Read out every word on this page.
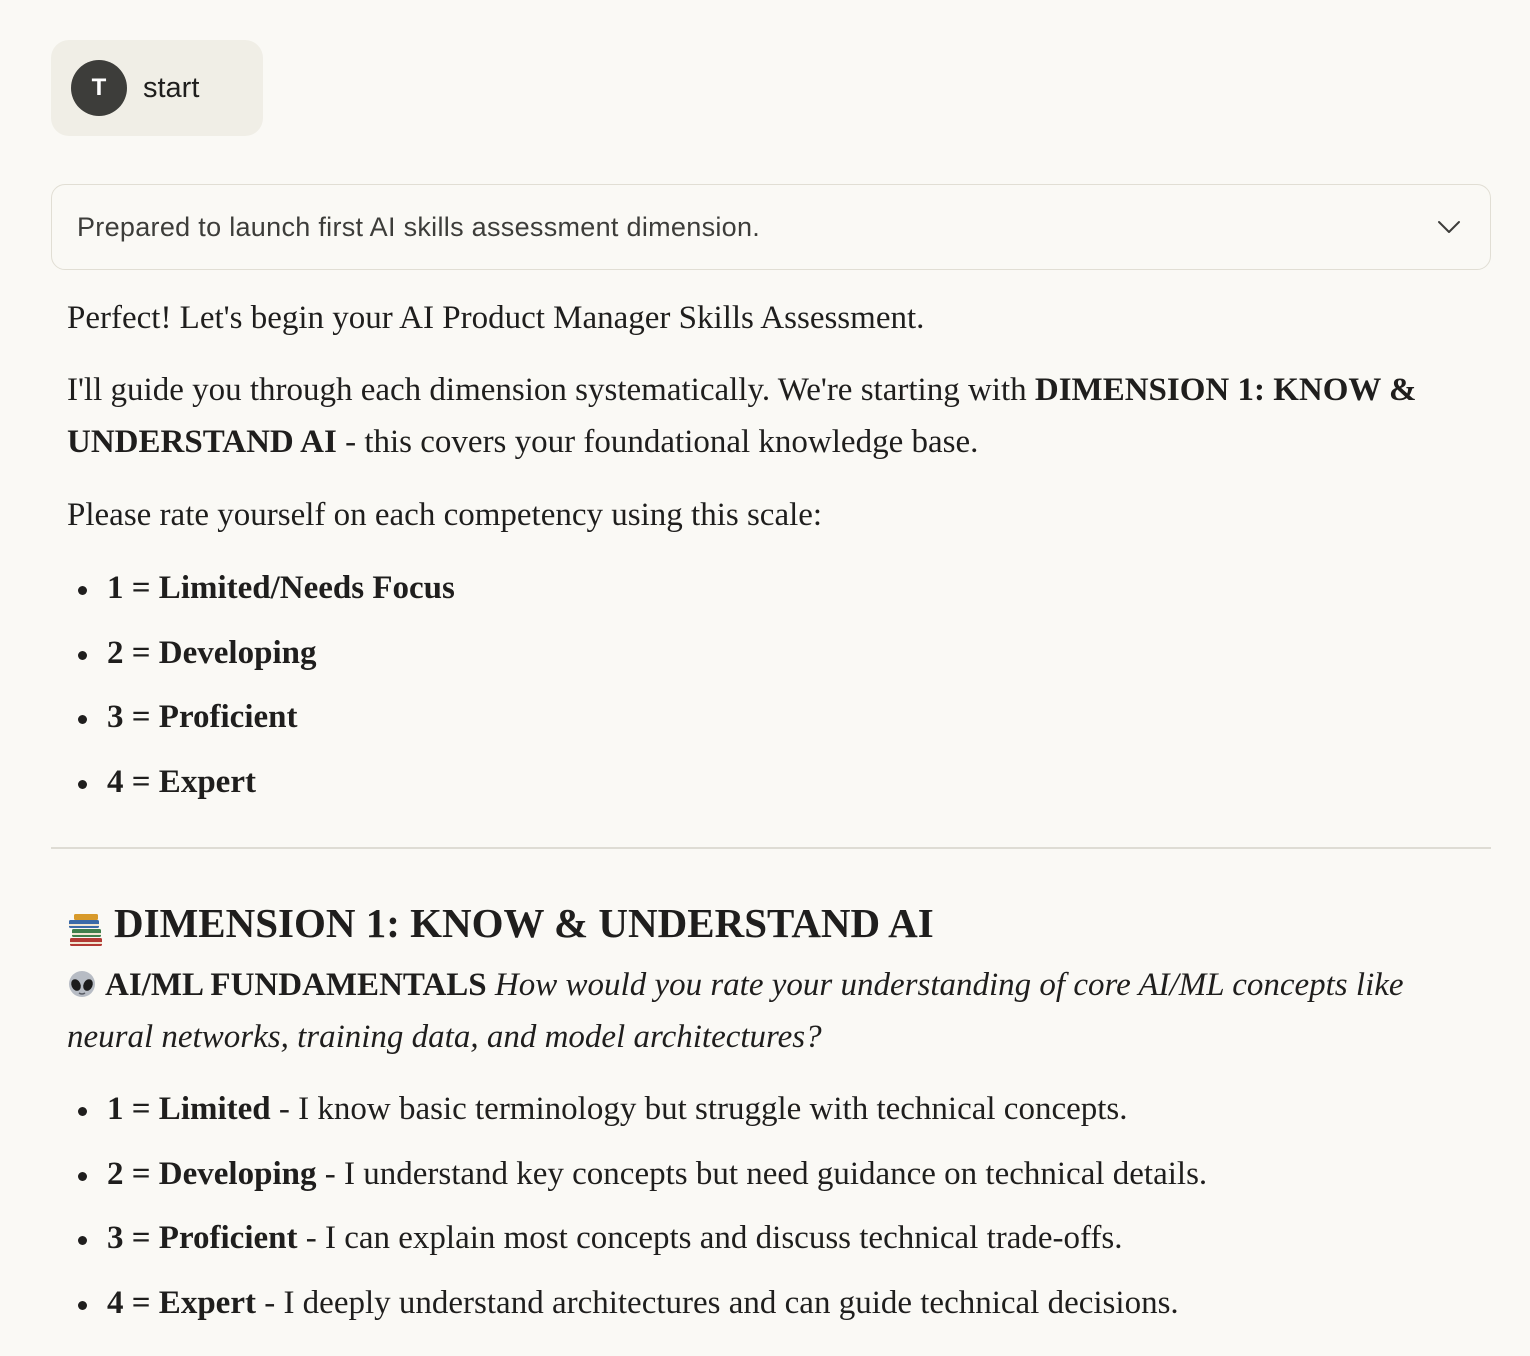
T	start
Prepared to launch first AI skills assessment dimension.

Perfect! Let's begin your AI Product Manager Skills Assessment.

I'll guide you through each dimension systematically. We're starting with DIMENSION 1: KNOW & UNDERSTAND AI - this covers your foundational knowledge base.

Please rate yourself on each competency using this scale:

1 = Limited/Needs Focus
2 = Developing
3 = Proficient
4 = Expert
DIMENSION 1: KNOW & UNDERSTAND AI

AI/ML FUNDAMENTALS How would you rate your understanding of core AI/ML concepts like neural networks, training data, and model architectures?

1 = Limited - I know basic terminology but struggle with technical concepts.
2 = Developing - I understand key concepts but need guidance on technical details.
3 = Proficient - I can explain most concepts and discuss technical trade-offs.
4 = Expert - I deeply understand architectures and can guide technical decisions.
